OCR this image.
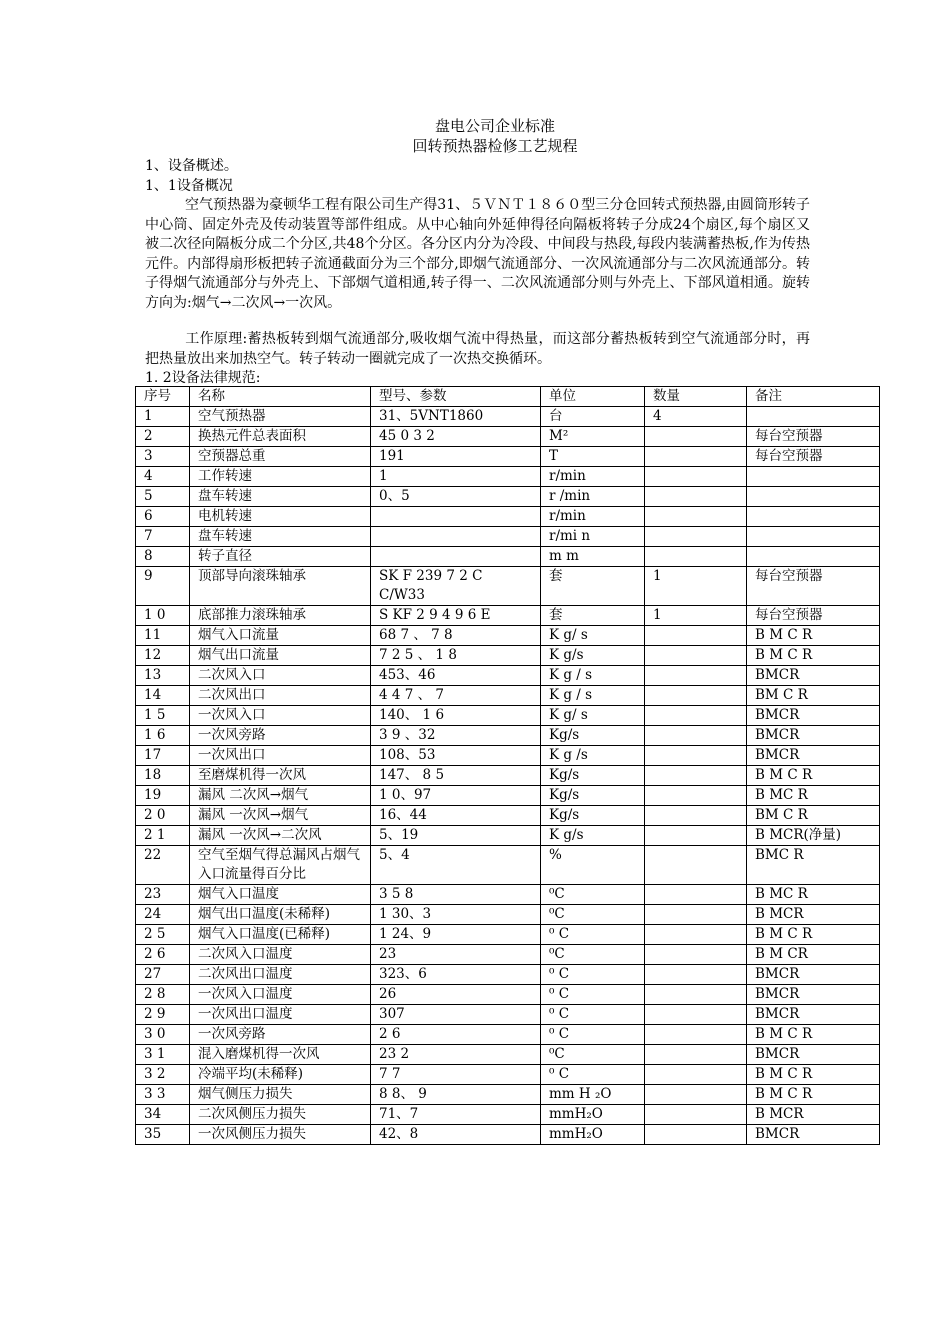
盘电公司企业标准
回转预热器检修工艺规程
1、设备概述。
1、1设备概况
空气预热器为豪顿华工程有限公司生产得31、５ＶＮＴ１８６０型三分仓回转式预热器,由圆筒形转子中心筒、固定外壳及传动装置等部件组成。从中心轴向外延伸得径向隔板将转子分成24个扇区,每个扇区又被二次径向隔板分成二个分区,共48个分区。各分区内分为冷段、中间段与热段,每段内装满蓄热板,作为传热元件。内部得扇形板把转子流通截面分为三个部分,即烟气流通部分、一次风流通部分与二次风流通部分。转子得烟气流通部分与外壳上、下部烟气道相通,转子得一、二次风流通部分则与外壳上、下部风道相通。旋转方向为:烟气→二次风→一次风。
工作原理:蓄热板转到烟气流通部分,吸收烟气流中得热量，而这部分蓄热板转到空气流通部分时，再把热量放出来加热空气。转子转动一圈就完成了一次热交换循环。
1. 2设备法律规范:
序号	名称	型号、参数	单位	数量	备注
1	空气预热器	31、5VNT1860	台	4	
2	换热元件总表面积	45 0 3 2	M²		每台空预器
3	空预器总重	191	T		每台空预器
4	工作转速	1	r/min		
5	盘车转速	0、5	r /min		
6	电机转速		r/min		
7	盘车转速		r/mi n		
8	转子直径		m m		
9	顶部导向滚珠轴承	SK F 239 7 2 C C/W33	套	1	每台空预器
1 0	底部推力滚珠轴承	S KF 2 9 4 9 6 E	套	1	每台空预器
11	烟气入口流量	68 7 、 7 8	K g/ s		B M C R
12	烟气出口流量	7 2 5 、 1 8	K g/s		B M C R
13	二次风入口	453、46	K g / s		BMCR
14	二次风出口	4 4 7 、 7	K g / s		BM C R
1 5	一次风入口	140、 1 6	K g/ s		BMCR
1 6	一次风旁路	3 9 、32	Kg/s		BMCR
17	一次风出口	108、53	K g /s		BMCR
18	至磨煤机得一次风	147、 8 5	Kg/s		B M C R
19	漏风 二次风→烟气	1 0、97	Kg/s		B MC R
2 0	漏风 一次风→烟气	16、44	Kg/s		BM C R
2 1	漏风 一次风→二次风	5、19	K g/s		B MCR(净量)
22	空气至烟气得总漏风占烟气入口流量得百分比	5、4	%		BMC R
23	烟气入口温度	3 5 8	⁰C		B MC R
24	烟气出口温度(未稀释)	1 30、3	⁰C		B MCR
2 5	烟气入口温度(已稀释)	1 24、9	⁰ C		B M C R
2 6	二次风入口温度	23	⁰C		B M CR
27	二次风出口温度	323、6	⁰ C		BMCR
2 8	一次风入口温度	26	⁰ C		BMCR
2 9	一次风出口温度	307	⁰ C		BMCR
3 0	一次风旁路	2 6	⁰ C		B M C R
3 1	混入磨煤机得一次风	23 2	⁰C		BMCR
3 2	冷端平均(未稀释)	7 7	⁰ C		B M C R
3 3	烟气侧压力损失	8 8、 9	mm H ₂O		B M C R
34	二次风侧压力损失	71、7	mmH₂O		B MCR
35	一次风侧压力损失	42、8	mmH₂O		BMCR
